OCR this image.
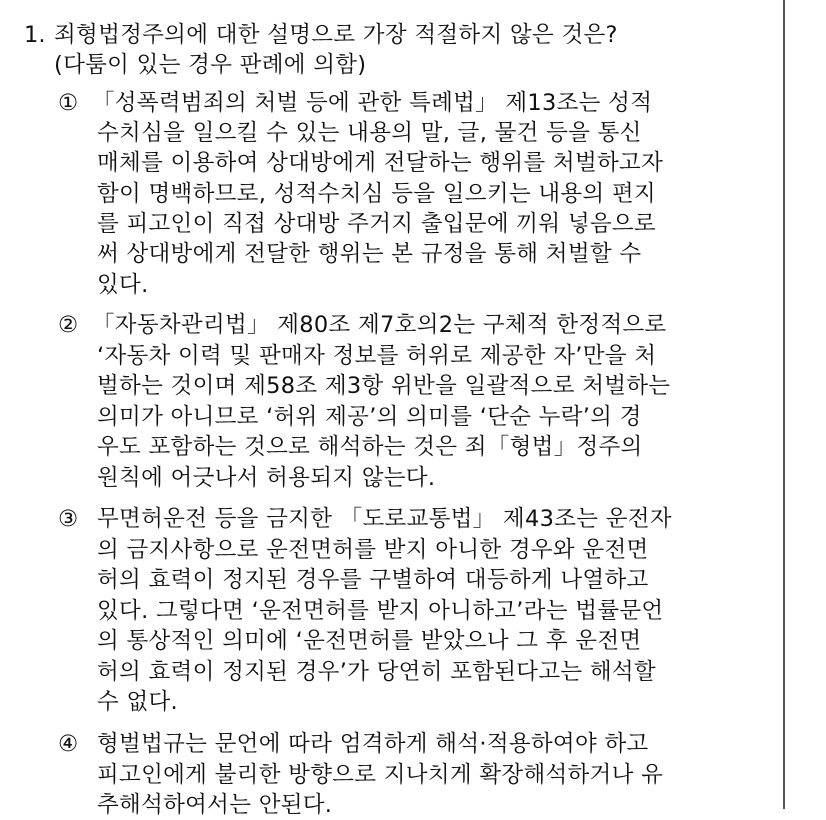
1. 죄형법정주의에 대한 설명으로 가장 적절하지 않은 것은?
(다툼이 있는 경우 판례에 의함)
① 「성폭력범죄의 처벌 등에 관한 특례법」 제13조는 성적
수치심을 일으킬 수 있는 내용의 말, 글, 물건 등을 통신
매체를 이용하여 상대방에게 전달하는 행위를 처벌하고자
함이 명백하므로, 성적수치심 등을 일으키는 내용의 편지
를 피고인이 직접 상대방 주거지 출입문에 끼워 넣음으로
써 상대방에게 전달한 행위는 본 규정을 통해 처벌할 수
있다.
② 「자동차관리법」 제80조 제7호의2는 구체적 한정적으로
‘자동차 이력 및 판매자 정보를 허위로 제공한 자’만을 처
벌하는 것이며 제58조 제3항 위반을 일괄적으로 처벌하는
의미가 아니므로 ‘허위 제공’의 의미를 ‘단순 누락’의 경
우도 포함하는 것으로 해석하는 것은 죄「형법」정주의
원칙에 어긋나서 허용되지 않는다.
③ 무면허운전 등을 금지한 「도로교통법」 제43조는 운전자
의 금지사항으로 운전면허를 받지 아니한 경우와 운전면
허의 효력이 정지된 경우를 구별하여 대등하게 나열하고
있다. 그렇다면 ‘운전면허를 받지 아니하고’라는 법률문언
의 통상적인 의미에 ‘운전면허를 받았으나 그 후 운전면
허의 효력이 정지된 경우’가 당연히 포함된다고는 해석할
수 없다.
④ 형벌법규는 문언에 따라 엄격하게 해석·적용하여야 하고
피고인에게 불리한 방향으로 지나치게 확장해석하거나 유
추해석하여서는 안된다.
